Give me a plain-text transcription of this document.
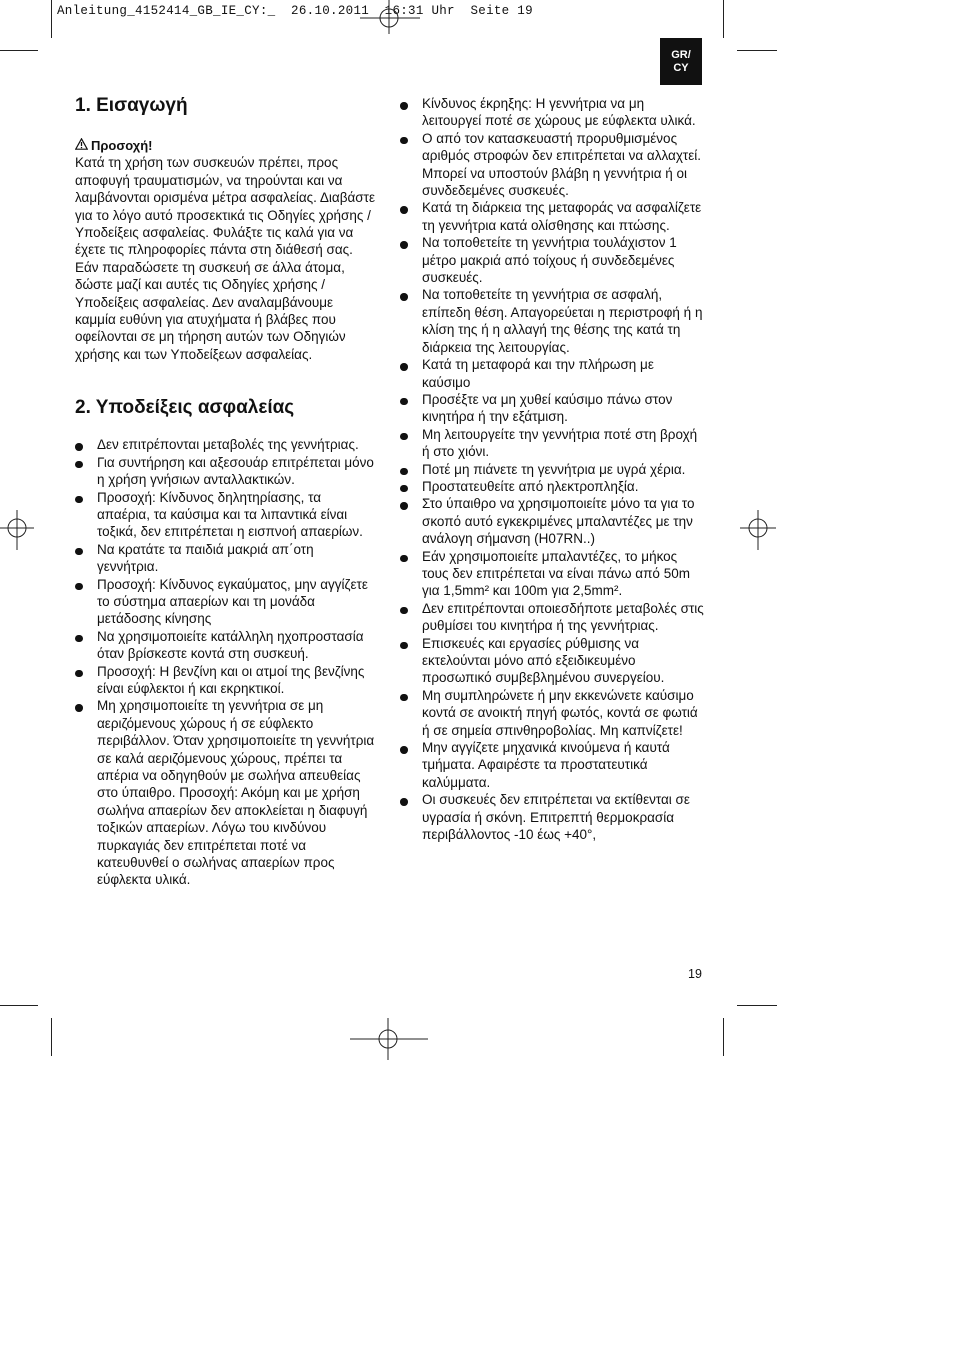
Anleitung_4152414_GB_IE_CY:_  26.10.2011  16:31 Uhr  Seite 19
GR/
CY
1. Εισαγωγή
Προσοχή!

Κατά τη χρήση των συσκευών πρέπει, προς αποφυγή τραυματισμών, να τηρούνται και να λαμβάνονται ορισμένα μέτρα ασφαλείας. Διαβάστε για το λόγο αυτό προσεκτικά τις Οδηγίες χρήσης / Υποδείξεις ασφαλείας. Φυλάξτε τις καλά για να έχετε τις πληροφορίες πάντα στη διάθεσή σας. Εάν παραδώσετε τη συσκευή σε άλλα άτομα, δώστε μαζί και αυτές τις Οδηγίες χρήσης / Υποδείξεις ασφαλείας. Δεν αναλαμβάνουμε καμμία ευθύνη για ατυχήματα ή βλάβες που οφείλονται σε μη τήρηση αυτών των Οδηγιών χρήσης και των Υποδείξεων ασφαλείας.

2. Υποδείξεις ασφαλείας
Δεν επιτρέπονται μεταβολές της γεννήτριας.
Για συντήρηση και αξεσουάρ επιτρέπεται μόνο η χρήση γνήσιων ανταλλακτικών.
Προσοχή: Κίνδυνος δηλητηρίασης, τα απαέρια, τα καύσιμα και τα λιπαντικά είναι τοξικά, δεν επιτρέπεται η εισπνοή απαερίων.
Να κρατάτε τα παιδιά μακριά απ΄οτη γεννήτρια.
Προσοχή: Κίνδυνος εγκαύματος, μην αγγίζετε το σύστημα απαερίων και τη μονάδα μετάδοσης κίνησης
Να χρησιμοποιείτε κατάλληλη ηχοπροστασία όταν βρίσκεστε κοντά στη συσκευή.
Προσοχή: Η βενζίνη και οι ατμοί της βενζίνης είναι εύφλεκτοι ή και εκρηκτικοί.
Μη χρησιμοποιείτε τη γεννήτρια σε μη αεριζόμενους χώρους ή σε εύφλεκτο περιβάλλον. Όταν χρησιμοποιείτε τη γεννήτρια σε καλά αεριζόμενους χώρους, πρέπει τα απέρια να οδηγηθούν με σωλήνα απευθείας στο ύπαιθρο. Προσοχή: Ακόμη και με χρήση σωλήνα απαερίων δεν αποκλείεται η διαφυγή τοξικών απαερίων. Λόγω του κινδύνου πυρκαγιάς δεν επιτρέπεται ποτέ να κατευθυνθεί ο σωλήνας απαερίων προς εύφλεκτα υλικά.
Κίνδυνος έκρηξης: Η γεννήτρια να μη λειτουργεί ποτέ σε χώρους με εύφλεκτα υλικά.
Ο από τον κατασκευαστή προρυθμισμένος αριθμός στροφών δεν επιτρέπεται να αλλαχτεί. Μπορεί να υποστούν βλάβη η γεννήτρια ή οι συνδεδεμένες συσκευές.
Κατά τη διάρκεια της μεταφοράς να ασφαλίζετε τη γεννήτρια κατά ολίσθησης και πτώσης.
Να τοποθετείτε τη γεννήτρια τουλάχιστον 1 μέτρο μακριά από τοίχους ή συνδεδεμένες συσκευές.
Να τοποθετείτε τη γεννήτρια σε ασφαλή, επίπεδη θέση. Απαγορεύεται η περιστροφή ή η κλίση της ή η αλλαγή της θέσης της κατά τη διάρκεια της λειτουργίας.
Κατά τη μεταφορά και την πλήρωση με καύσιμο
Προσέξτε να μη χυθεί καύσιμο πάνω στον κινητήρα ή την εξάτμιση.
Μη λειτουργείτε την γεννήτρια ποτέ στη βροχή ή στο χιόνι.
Ποτέ μη πιάνετε τη γεννήτρια με υγρά χέρια.
Προστατευθείτε από ηλεκτροπληξία.
Στο ύπαιθρο να χρησιμοποιείτε μόνο τα για το σκοπό αυτό εγκεκριμένες μπαλαντέζες με την ανάλογη σήμανση (H07RN..)
Εάν χρησιμοποιείτε μπαλαντέζες, το μήκος τους δεν επιτρέπεται να είναι πάνω από 50m για 1,5mm² και 100m για 2,5mm².
Δεν επιτρέπονται οποιεσδήποτε μεταβολές στις ρυθμίσει του κινητήρα ή της γεννήτριας.
Επισκευές και εργασίες ρύθμισης να εκτελούνται μόνο από εξειδικευμένο προσωπικό συμβεβλημένου συνεργείου.
Μη συμπληρώνετε ή μην εκκενώνετε καύσιμο κοντά σε ανοικτή πηγή φωτός, κοντά σε φωτιά ή σε σημεία σπινθηροβολίας. Μη καπνίζετε!
Μην αγγίζετε μηχανικά κινούμενα ή καυτά τμήματα. Αφαιρέστε τα προστατευτικά καλύμματα.
Οι συσκευές δεν επιτρέπεται να εκτίθενται σε υγρασία ή σκόνη. Επιτρεπτή θερμοκρασία περιβάλλοντος -10 έως +40°,
19
